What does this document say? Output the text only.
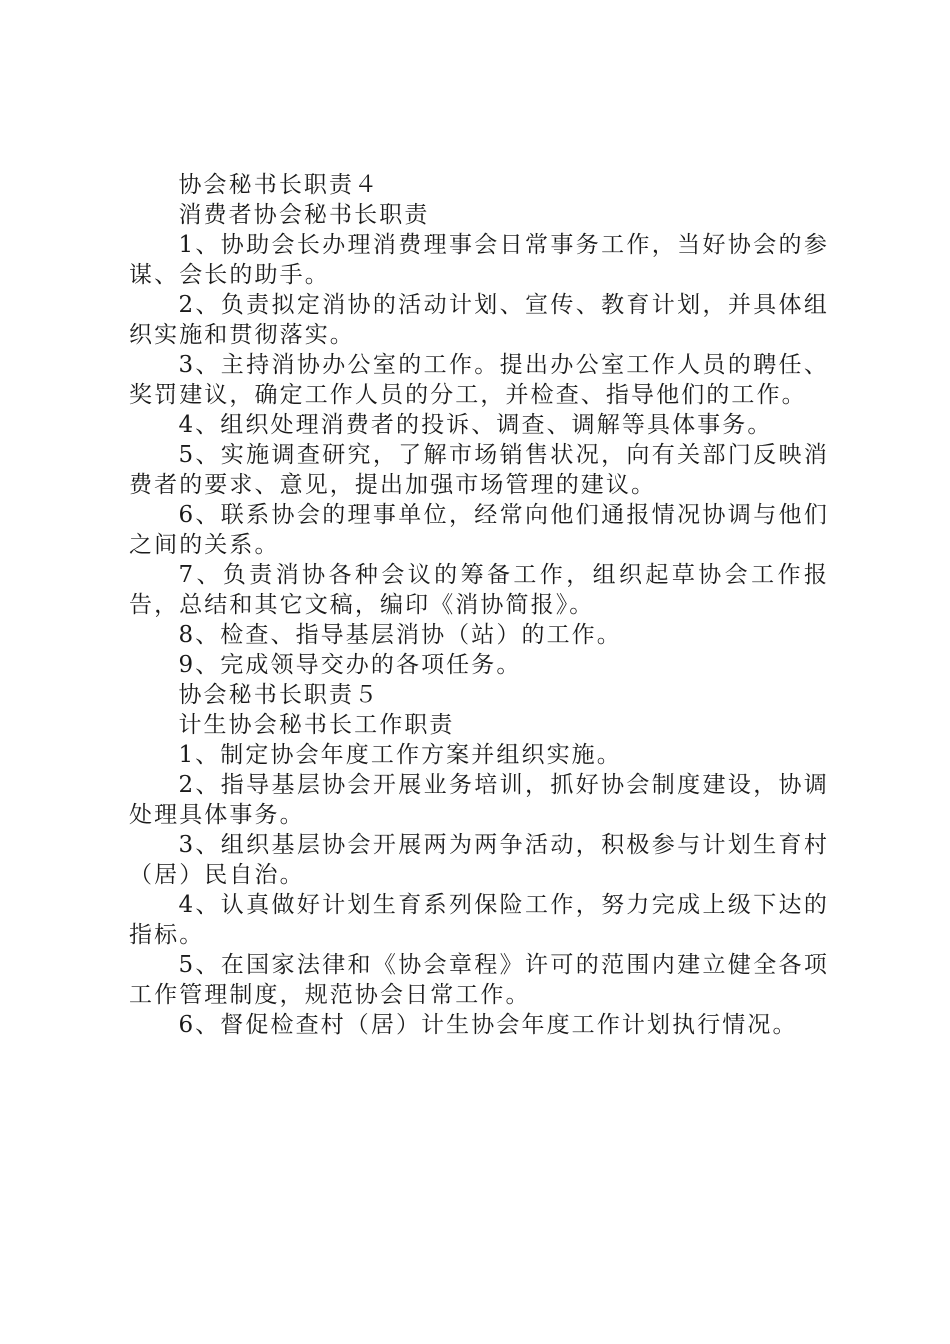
协会秘书长职责４

消费者协会秘书长职责

1、协助会长办理消费理事会日常事务工作，当好协会的参谋、会长的助手。

2、负责拟定消协的活动计划、宣传、教育计划，并具体组织实施和贯彻落实。

3、主持消协办公室的工作。提出办公室工作人员的聘任、奖罚建议，确定工作人员的分工，并检查、指导他们的工作。

4、组织处理消费者的投诉、调查、调解等具体事务。

5、实施调查研究，了解市场销售状况，向有关部门反映消费者的要求、意见，提出加强市场管理的建议。

6、联系协会的理事单位，经常向他们通报情况协调与他们之间的关系。

7、负责消协各种会议的筹备工作，组织起草协会工作报告，总结和其它文稿，编印《消协简报》。

8、检查、指导基层消协（站）的工作。

9、完成领导交办的各项任务。

协会秘书长职责５

计生协会秘书长工作职责

1、制定协会年度工作方案并组织实施。

2、指导基层协会开展业务培训，抓好协会制度建设，协调处理具体事务。

3、组织基层协会开展两为两争活动，积极参与计划生育村（居）民自治。

4、认真做好计划生育系列保险工作，努力完成上级下达的指标。

5、在国家法律和《协会章程》许可的范围内建立健全各项工作管理制度，规范协会日常工作。

6、督促检查村（居）计生协会年度工作计划执行情况。
